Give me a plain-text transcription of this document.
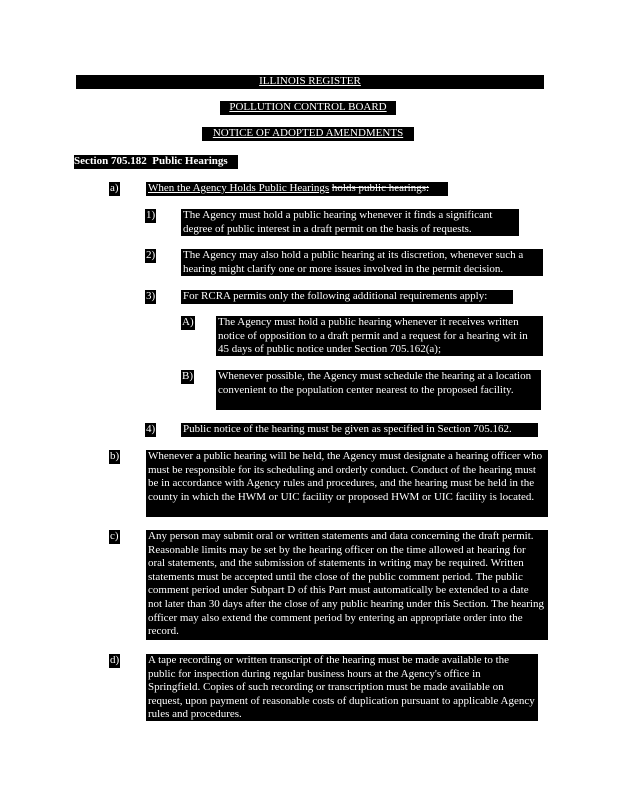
ILLINOIS REGISTER
POLLUTION CONTROL BOARD
NOTICE OF ADOPTED AMENDMENTS
Section 705.182 Public Hearings
a)	When the Agency Holds Public Hearings holds public hearings:
1)	The Agency must hold a public hearing whenever it finds a significant degree of public interest in a draft permit on the basis of requests.
2)	The Agency may also hold a public hearing at its discretion, whenever such a hearing might clarify one or more issues involved in the permit decision.
3)	For RCRA permits only the following additional requirements apply:
A) The Agency must hold a public hearing whenever it receives written notice of opposition to a draft permit and a request for a hearing wit in 45 days of public notice under Section 705.162(a);
B) Whenever possible, the Agency must schedule the hearing at a location convenient to the population center nearest to the proposed facility.
4)	Public notice of the hearing must be given as specified in Section 705.162.
b)	Whenever a public hearing will be held, the Agency must designate a hearing officer who must be responsible for its scheduling and orderly conduct. Conduct of the hearing must be in accordance with Agency rules and procedures, and the hearing must be held in the county in which the HWM or UIC facility or proposed HWM or UIC facility is located.
c)	Any person may submit oral or written statements and data concerning the draft permit. Reasonable limits may be set by the hearing officer on the time allowed at hearing for oral statements, and the submission of statements in writing may be required. Written statements must be accepted until the close of the public comment period. The public comment period under Subpart D of this Part must automatically be extended to a date not later than 30 days after the close of any public hearing under this Section. The hearing officer may also extend the comment period by entering an appropriate order into the record.
d)	A tape recording or written transcript of the hearing must be made available to the public for inspection during regular business hours at the Agency's office in Springfield. Copies of such recording or transcription must be made available on request, upon payment of reasonable costs of duplication pursuant to applicable Agency rules and procedures.
